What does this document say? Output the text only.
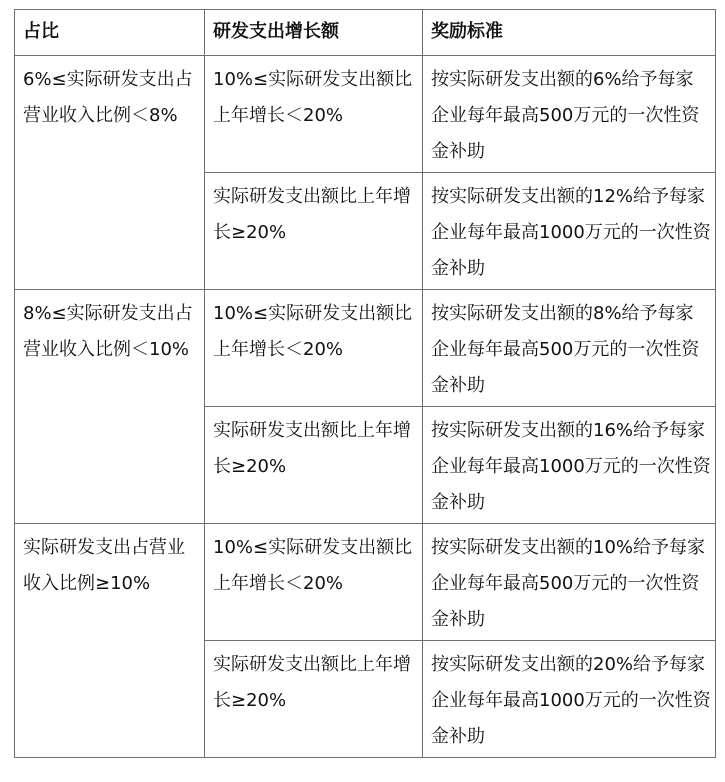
占比	研发支出增长额	奖励标准
6%≤实际研发支出占营业收入比例＜8%	10%≤实际研发支出额比上年增长＜20%	按实际研发支出额的6%给予每家企业每年最高500万元的一次性资金补助
	实际研发支出额比上年增长≥20%	按实际研发支出额的12%给予每家企业每年最高1000万元的一次性资金补助
8%≤实际研发支出占营业收入比例＜10%	10%≤实际研发支出额比上年增长＜20%	按实际研发支出额的8%给予每家企业每年最高500万元的一次性资金补助
	实际研发支出额比上年增长≥20%	按实际研发支出额的16%给予每家企业每年最高1000万元的一次性资金补助
实际研发支出占营业收入比例≥10%	10%≤实际研发支出额比上年增长＜20%	按实际研发支出额的10%给予每家企业每年最高500万元的一次性资金补助
	实际研发支出额比上年增长≥20%	按实际研发支出额的20%给予每家企业每年最高1000万元的一次性资金补助
